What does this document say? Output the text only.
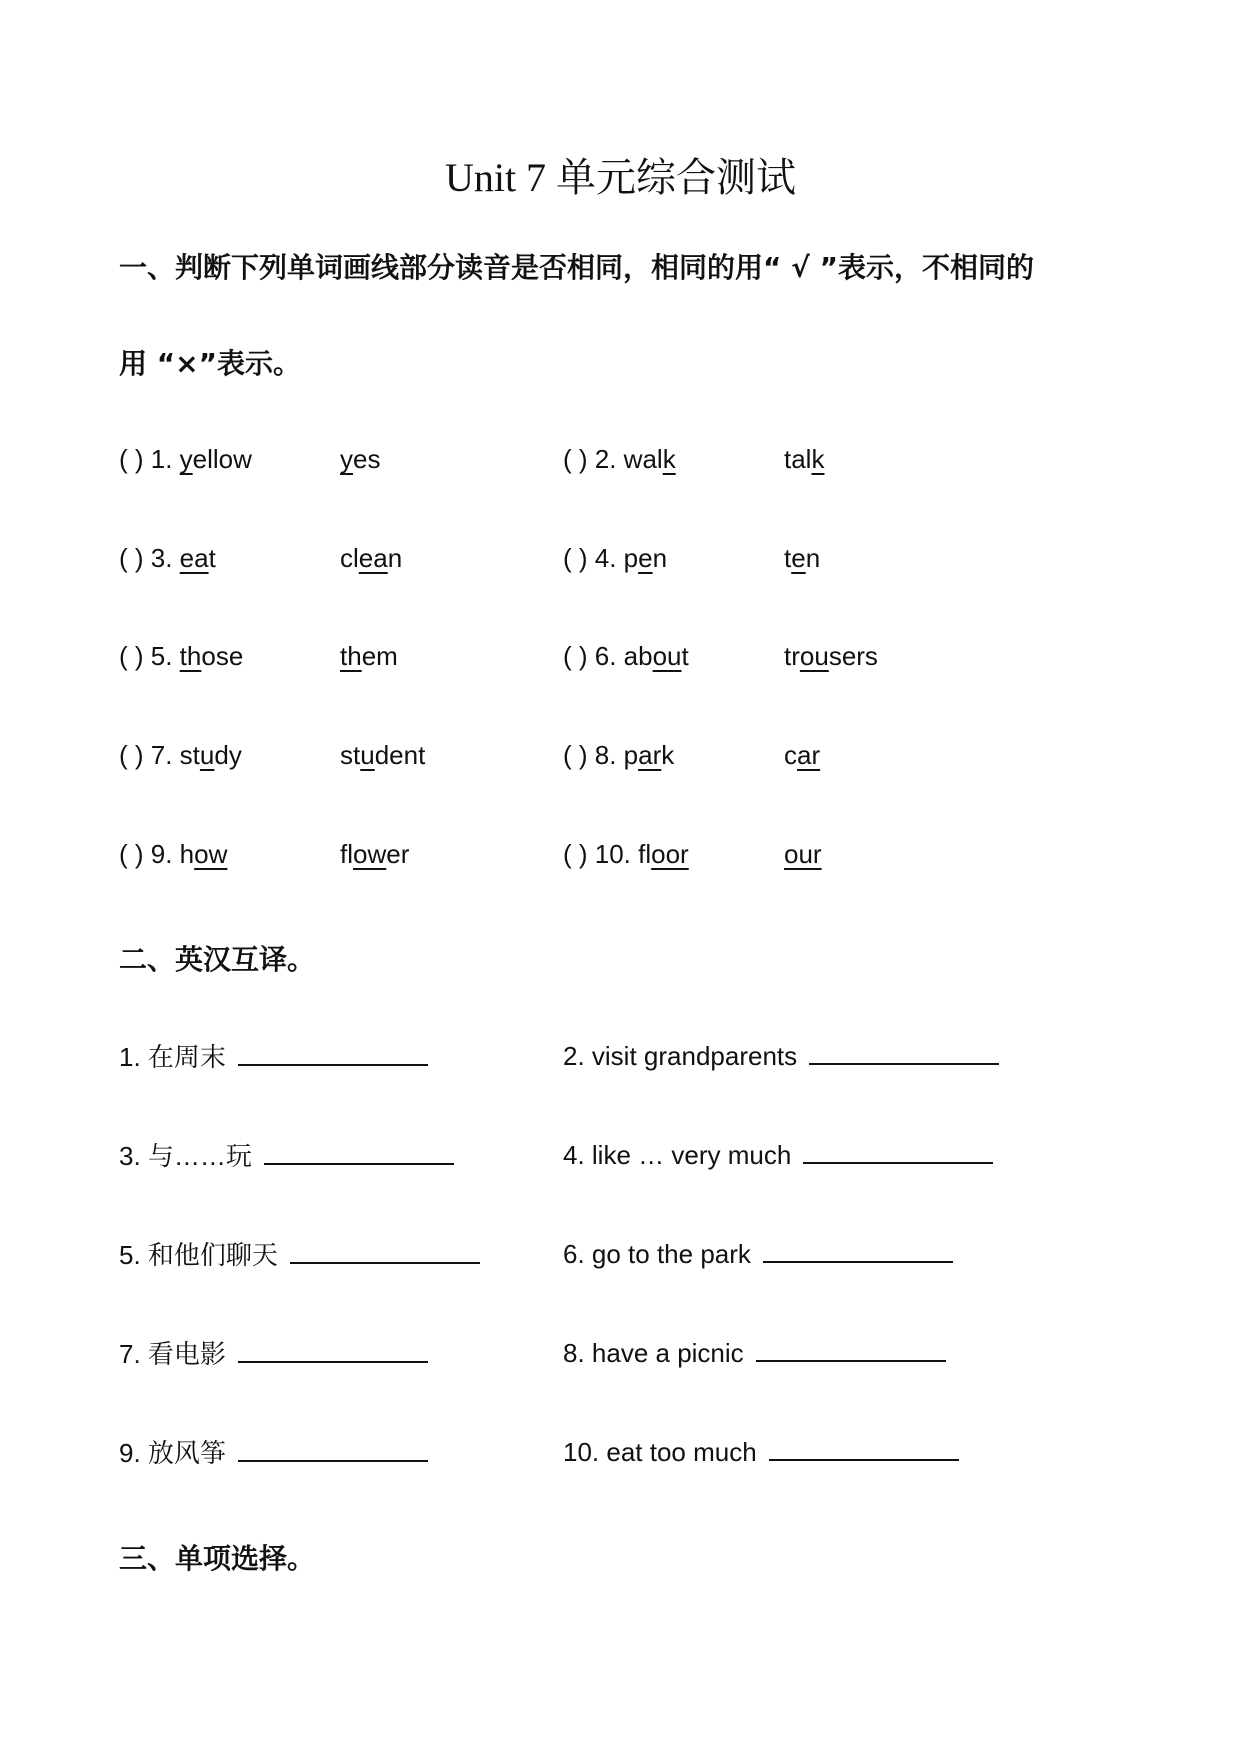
Unit 7 单元综合测试
一、判断下列单词画线部分读音是否相同，相同的用“ √ ”表示，不相同的
用 “×”表示。
( ) 1. yellow	yes	( ) 2. walk	talk
( ) 3. eat	clean	( ) 4. pen	ten
( ) 5. those	them	( ) 6. about	trousers
( ) 7. study	student	( ) 8. park	car
( ) 9. how	flower	( ) 10. floor	our
二、英汉互译。
1. 在周末	2. visit grandparents
3. 与……玩	4. like … very much
5. 和他们聊天	6. go to the park
7. 看电影	8. have a picnic
9. 放风筝	10. eat too much
三、单项选择。
